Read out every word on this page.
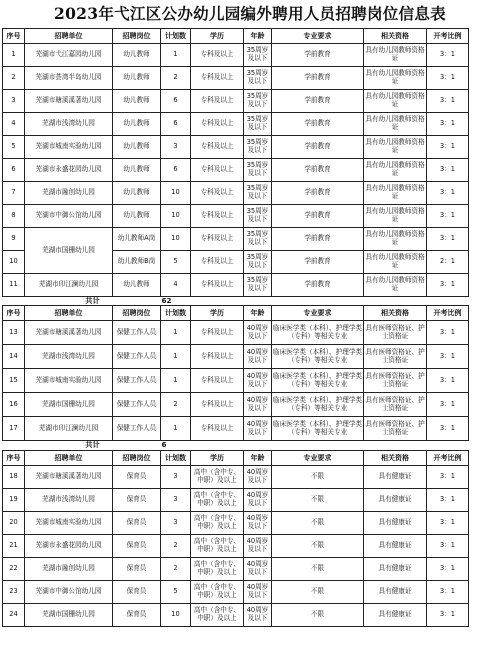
2023年弋江区公办幼儿园编外聘用人员招聘岗位信息表
序号	招聘单位	招聘岗位	计划数	学历	年龄	专业要求	相关资格	开考比例
1	芜湖市弋江嘉园幼儿园	幼儿教师	1	专科及以上	35周岁及以下	学前教育	具有幼儿园教师资格证	3：1
2	芜湖市荟湾半岛幼儿园	幼儿教师	2	专科及以上	35周岁及以下	学前教育	具有幼儿园教师资格证	3：1
3	芜湖市瑭溪溪著幼儿园	幼儿教师	6	专科及以上	35周岁及以下	学前教育	具有幼儿园教师资格证	3：1
4	芜湖市浅湾幼儿园	幼儿教师	6	专科及以上	35周岁及以下	学前教育	具有幼儿园教师资格证	3：1
5	芜湖市城南实验幼儿园	幼儿教师	3	专科及以上	35周岁及以下	学前教育	具有幼儿园教师资格证	3：1
6	芜湖市永盛花园幼儿园	幼儿教师	6	专科及以上	35周岁及以下	学前教育	具有幼儿园教师资格证	3：1
7	芜湖市融创幼儿园	幼儿教师	10	专科及以上	35周岁及以下	学前教育	具有幼儿园教师资格证	3：1
8	芜湖市中御公馆幼儿园	幼儿教师	10	专科及以上	35周岁及以下	学前教育	具有幼儿园教师资格证	3：1
9	芜湖市国栅幼儿园	幼儿教师A岗	10	专科及以上	35周岁及以下	学前教育	具有幼儿园教师资格证	3：1
10		幼儿教师B岗	5	专科及以上	35周岁及以下	学前教育	具有幼儿园教师资格证	2：1
11	芜湖市印江澜幼儿园	幼儿教师	4	专科及以上	35周岁及以下	学前教育	具有幼儿园教师资格证	3：1
	共计		62					
序号	招聘单位	招聘岗位	计划数	学历	年龄	专业要求	相关资格	开考比例
13	芜湖市瑭溪溪著幼儿园	保健工作人员	1	专科及以上	40周岁及以下	临床医学类（本科）、护理学类（专科）等相关专业	具有医师资格证、护士资格证	3：1
14	芜湖市浅湾幼儿园	保健工作人员	1	专科及以上	40周岁及以下	临床医学类（本科）、护理学类（专科）等相关专业	具有医师资格证、护士资格证	3：1
15	芜湖市城南实验幼儿园	保健工作人员	1	专科及以上	40周岁及以下	临床医学类（本科）、护理学类（专科）等相关专业	具有医师资格证、护士资格证	3：1
16	芜湖市国栅幼儿园	保健工作人员	2	专科及以上	40周岁及以下	临床医学类（本科）、护理学类（专科）等相关专业	具有医师资格证、护士资格证	3：1
17	芜湖市印江澜幼儿园	保健工作人员	1	专科及以上	40周岁及以下	临床医学类（本科）、护理学类（专科）等相关专业	具有医师资格证、护士资格证	3：1
	共计		6					
序号	招聘单位	招聘岗位	计划数	学历	年龄	专业要求	相关资格	开考比例
18	芜湖市瑭溪溪著幼儿园	保育员	3	高中（含中专、中职）及以上	40周岁及以下	不限	具有健康证	3：1
19	芜湖市浅湾幼儿园	保育员	3	高中（含中专、中职）及以上	40周岁及以下	不限	具有健康证	3：1
20	芜湖市城南实验幼儿园	保育员	3	高中（含中专、中职）及以上	40周岁及以下	不限	具有健康证	3：1
21	芜湖市永盛花园幼儿园	保育员	2	高中（含中专、中职）及以上	40周岁及以下	不限	具有健康证	3：1
22	芜湖市融创幼儿园	保育员	2	高中（含中专、中职）及以上	40周岁及以下	不限	具有健康证	3：1
23	芜湖市中御公馆幼儿园	保育员	5	高中（含中专、中职）及以上	40周岁及以下	不限	具有健康证	3：1
24	芜湖市国栅幼儿园	保育员	10	高中（含中专、中职）及以上	40周岁及以下	不限	具有健康证	3：1
